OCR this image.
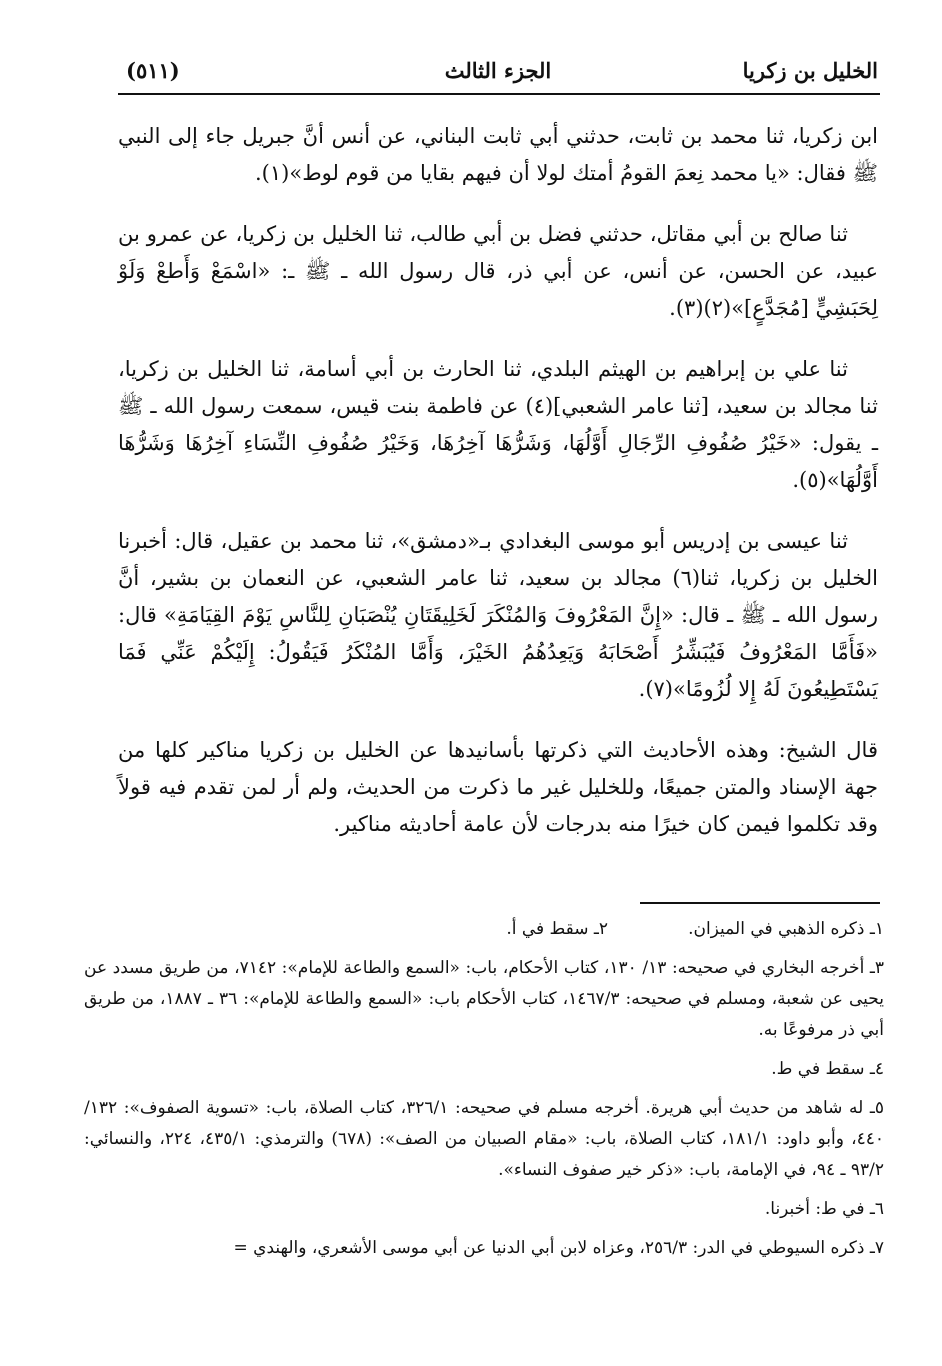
الخليل بن زكريا
الجزء الثالث
(٥١١)

ابن زكريا، ثنا محمد بن ثابت، حدثني أبي ثابت البناني، عن أنس أنَّ جبريل جاء إلى النبي ﷺ فقال: «يا محمد نِعمَ القومُ أمتك لولا أن فيهم بقايا من قوم لوط»(١).

ثنا صالح بن أبي مقاتل، حدثني فضل بن أبي طالب، ثنا الخليل بن زكريا، عن عمرو بن عبيد، عن الحسن، عن أنس، عن أبي ذر، قال رسول الله ـ ﷺ ـ: «اسْمَعْ وَأَطعْ وَلَوْ لِحَبَشِيٍّ [مُجَدَّعٍ]»(٢)(٣).

ثنا علي بن إبراهيم بن الهيثم البلدي، ثنا الحارث بن أبي أسامة، ثنا الخليل بن زكريا، ثنا مجالد بن سعيد، [ثنا عامر الشعبي](٤) عن فاطمة بنت قيس، سمعت رسول الله ـ ﷺ ـ يقول: «خَيْرُ صُفُوفِ الرِّجَالِ أَوَّلُهَا، وَشَرُّهَا آخِرُهَا، وَخَيْرُ صُفُوفِ النِّسَاءِ آخِرُهَا وَشَرُّهَا أَوَّلُهَا»(٥).

ثنا عيسى بن إدريس أبو موسى البغدادي بـ«دمشق»، ثنا محمد بن عقيل، قال: أخبرنا الخليل بن زكريا، ثنا(٦) مجالد بن سعيد، ثنا عامر الشعبي، عن النعمان بن بشير، أنَّ رسول الله ـ ﷺ ـ قال: «إِنَّ المَعْرُوفَ وَالمُنْكَرَ لَخَلِيقَتَانِ يُنْصَبَانِ لِلنَّاسِ يَوْمَ القِيَامَةِ» قال: «فَأَمَّا المَعْرُوفُ فَيُبَشِّرُ أَصْحَابَهُ وَيَعِدُهُمُ الخَيْرَ، وَأَمَّا المُنْكَرُ فَيَقُولُ: إِلَيْكُمْ عَنِّي فَمَا يَسْتَطِيعُونَ لَهُ إِلا لُزُومًا»(٧).

قال الشيخ: وهذه الأحاديث التي ذكرتها بأسانيدها عن الخليل بن زكريا مناكير كلها من جهة الإسناد والمتن جميعًا، وللخليل غير ما ذكرت من الحديث، ولم أر لمن تقدم فيه قولاً وقد تكلموا فيمن كان خيرًا منه بدرجات لأن عامة أحاديثه مناكير.

١ـ ذكره الذهبي في الميزان.
٢ـ سقط في أ.
٣ـ أخرجه البخاري في صحيحه: ١٣/ ١٣٠، كتاب الأحكام، باب: «السمع والطاعة للإمام»: ٧١٤٢، من طريق مسدد عن يحيى عن شعبة، ومسلم في صحيحه: ١٤٦٧/٣، كتاب الأحكام باب: «السمع والطاعة للإمام»: ٣٦ ـ ١٨٨٧، من طريق أبي ذر مرفوعًا به.
٤ـ سقط في ط.
٥ـ له شاهد من حديث أبي هريرة. أخرجه مسلم في صحيحه: ٣٢٦/١، كتاب الصلاة، باب: «تسوية الصفوف»: ١٣٢/ ٤٤٠، وأبو داود: ١٨١/١، كتاب الصلاة، باب: «مقام الصبيان من الصف»: (٦٧٨) والترمذي: ٤٣٥/١، ٢٢٤، والنسائي: ٩٣/٢ ـ ٩٤، في الإمامة، باب: «ذكر خير صفوف النساء».
٦ـ في ط: أخبرنا.
٧ـ ذكره السيوطي في الدر: ٢٥٦/٣، وعزاه لابن أبي الدنيا عن أبي موسى الأشعري، والهندي =
